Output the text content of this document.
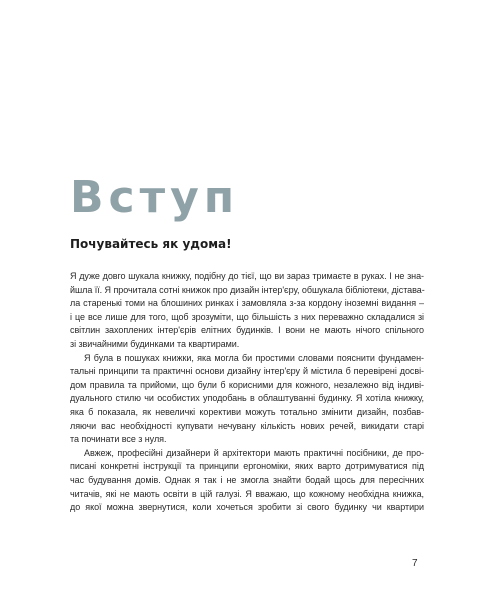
Вступ
Почувайтесь як удома!

Я дуже довго шукала книжку, подібну до тієї, що ви зараз тримаєте в руках. І не зна-
йшла її. Я прочитала сотні книжок про дизайн інтер'єру, обшукала бібліотеки, дістава-
ла старенькі томи на блошиних ринках і замовляла з-за кордону іноземні видання –
і це все лише для того, щоб зрозуміти, що більшість з них переважно складалися зі
світлин захоплених інтер'єрів елітних будинків. І вони не мають нічого спільного
зі звичайними будинками та квартирами.

Я була в пошуках книжки, яка могла би простими словами пояснити фундамен-
тальні принципи та практичні основи дизайну інтер'єру й містила б перевірені досвi-
дом правила та прийоми, що були б корисними для кожного, незалежно від індиві-
дуального стилю чи особистих уподобань в облаштуванні будинку. Я хотіла книжку,
яка б показала, як невеличкі корективи можуть тотально змінити дизайн, позбав-
ляючи вас необхідності купувати нечувану кількість нових речей, викидати старі
та починати все з нуля.

Авжеж, професійні дизайнери й архітектори мають практичні посібники, де про-
писані конкретні інструкції та принципи ергономіки, яких варто дотримуватися під
час будування домів. Однак я так і не змогла знайти бодай щось для пересічних
читачів, які не мають освіти в цій галузі. Я вважаю, що кожному необхідна книжка,
до якої можна звернутися, коли хочеться зробити зі свого будинку чи квартири

7
